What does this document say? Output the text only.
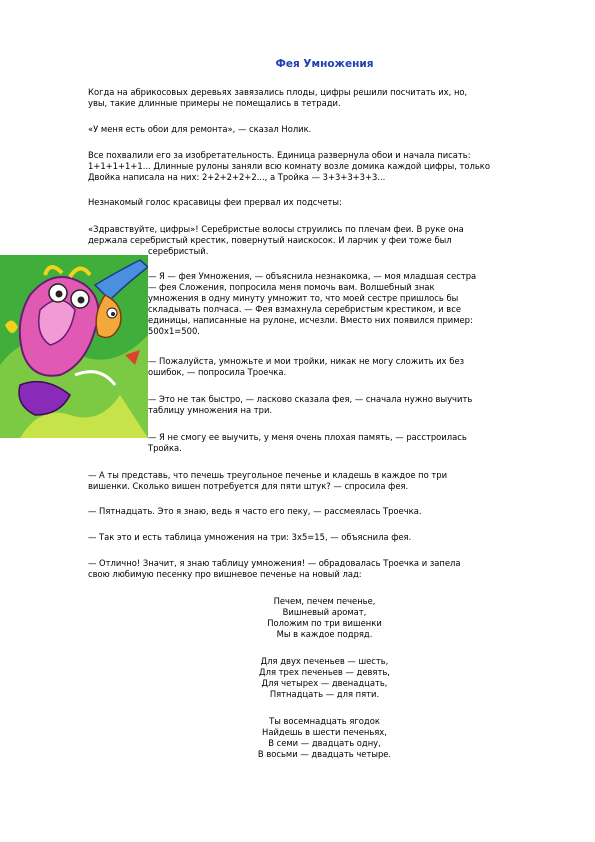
Фея Умножения
Когда на абрикосовых деревьях завязались плоды, цифры решили посчитать их, но,
увы, такие длинные примеры не помещались в тетради.
«У меня есть обои для ремонта», — сказал Нолик.
Все похвалили его за изобретательность. Единица развернула обои и начала писать:
1+1+1+1+1... Длинные рулоны заняли всю комнату возле домика каждой цифры, только
Двойка написала на них: 2+2+2+2+2..., а Тройка — 3+3+3+3+3...
Незнакомый голос красавицы феи прервал их подсчеты:
«Здравствуйте, цифры»! Серебристые волосы струились по плечам феи. В руке она
держала серебристый крестик, повернутый наискосок. И ларчик у феи тоже был
серебристый.
— Я — фея Умножения, — объяснила незнакомка, — моя младшая сестра
— фея Сложения, попросила меня помочь вам. Волшебный знак
умножения в одну минуту умножит то, что моей сестре пришлось бы
складывать полчаса. — Фея взмахнула серебристым крестиком, и все
единицы, написанные на рулоне, исчезли. Вместо них появился пример:
500х1=500.
— Пожалуйста, умножьте и мои тройки, никак не могу сложить их без
ошибок, — попросила Троечка.
— Это не так быстро, — ласково сказала фея, — сначала нужно выучить
таблицу умножения на три.
— Я не смогу ее выучить, у меня очень плохая память, — расстроилась
Тройка.
— А ты представь, что печешь треугольное печенье и кладешь в каждое по три
вишенки. Сколько вишен потребуется для пяти штук? — спросила фея.
— Пятнадцать. Это я знаю, ведь я часто его пеку, — рассмеялась Троечка.
— Так это и есть таблица умножения на три: 3х5=15, — объяснила фея.
— Отлично! Значит, я знаю таблицу умножения! — обрадовалась Троечка и запела
свою любимую песенку про вишневое печенье на новый лад:
Печем, печем печенье,
Вишневый аромат,
Положим по три вишенки
Мы в каждое подряд.
Для двух печеньев — шесть,
Для трех печеньев — девять,
Для четырех — двенадцать,
Пятнадцать — для пяти.
Ты восемнадцать ягодок
Найдешь в шести печеньях,
В семи — двадцать одну,
В восьми — двадцать четыре.
